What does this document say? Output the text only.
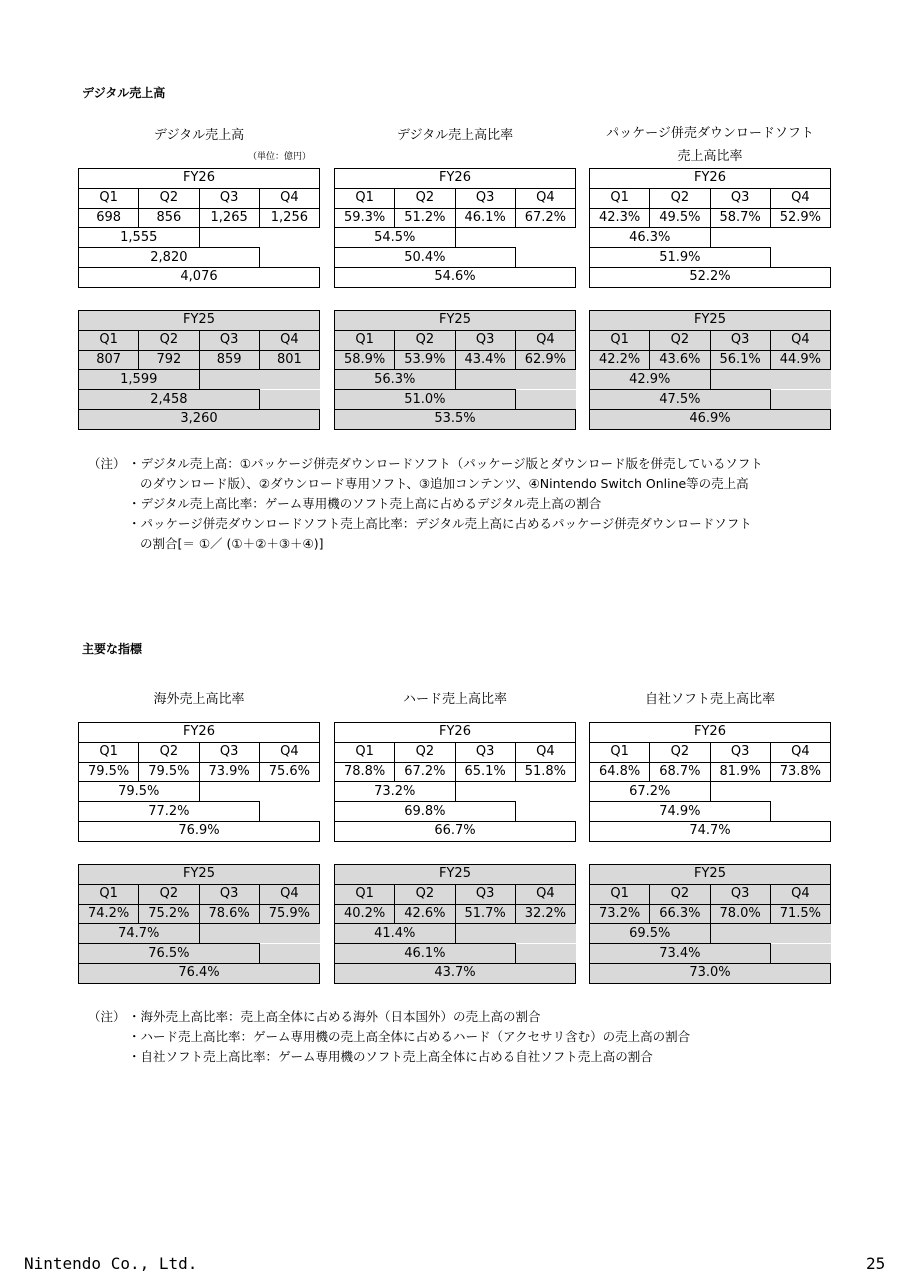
デジタル売上高
デジタル売上高
（単位：億円）
デジタル売上高比率	パッケージ併売ダウンロードソフト
売上高比率
FY26			
Q1	Q2	Q3	Q4
698	856	1,265	1,256
1,555			
2,820			
4,076			
FY26			
Q1	Q2	Q3	Q4
59.3%	51.2%	46.1%	67.2%
54.5%			
50.4%			
54.6%			
FY26			
Q1	Q2	Q3	Q4
42.3%	49.5%	58.7%	52.9%
46.3%			
51.9%			
52.2%			
FY25			
Q1	Q2	Q3	Q4
807	792	859	801
1,599			
2,458			
3,260			
FY25			
Q1	Q2	Q3	Q4
58.9%	53.9%	43.4%	62.9%
56.3%			
51.0%			
53.5%			
FY25			
Q1	Q2	Q3	Q4
42.2%	43.6%	56.1%	44.9%
42.9%			
47.5%			
46.9%			
FY26			
Q1	Q2	Q3	Q4
79.5%	79.5%	73.9%	75.6%
79.5%			
77.2%			
76.9%			
FY26			
Q1	Q2	Q3	Q4
78.8%	67.2%	65.1%	51.8%
73.2%			
69.8%			
66.7%			
FY26			
Q1	Q2	Q3	Q4
64.8%	68.7%	81.9%	73.8%
67.2%			
74.9%			
74.7%			
FY25			
Q1	Q2	Q3	Q4
74.2%	75.2%	78.6%	75.9%
74.7%			
76.5%			
76.4%			
FY25			
Q1	Q2	Q3	Q4
40.2%	42.6%	51.7%	32.2%
41.4%			
46.1%			
43.7%			
FY25			
Q1	Q2	Q3	Q4
73.2%	66.3%	78.0%	71.5%
69.5%			
73.4%			
73.0%			
（注） ・デジタル売上高：①パッケージ併売ダウンロードソフト（パッケージ版とダウンロード版を併売しているソフト
のダウンロード版）、②ダウンロード専用ソフト、③追加コンテンツ、④Nintendo Switch Online等の売上高
・デジタル売上高比率：ゲーム専用機のソフト売上高に占めるデジタル売上高の割合
・パッケージ併売ダウンロードソフト売上高比率：デジタル売上高に占めるパッケージ併売ダウンロードソフト
の割合[＝ ①／ (①＋②＋③＋④)]
主要な指標
海外売上高比率	ハード売上高比率	自社ソフト売上高比率
（注） ・海外売上高比率：売上高全体に占める海外（日本国外）の売上高の割合
・ハード売上高比率：ゲーム専用機の売上高全体に占めるハード（アクセサリ含む）の売上高の割合
・自社ソフト売上高比率：ゲーム専用機のソフト売上高全体に占める自社ソフト売上高の割合
Nintendo Co., Ltd.	25
